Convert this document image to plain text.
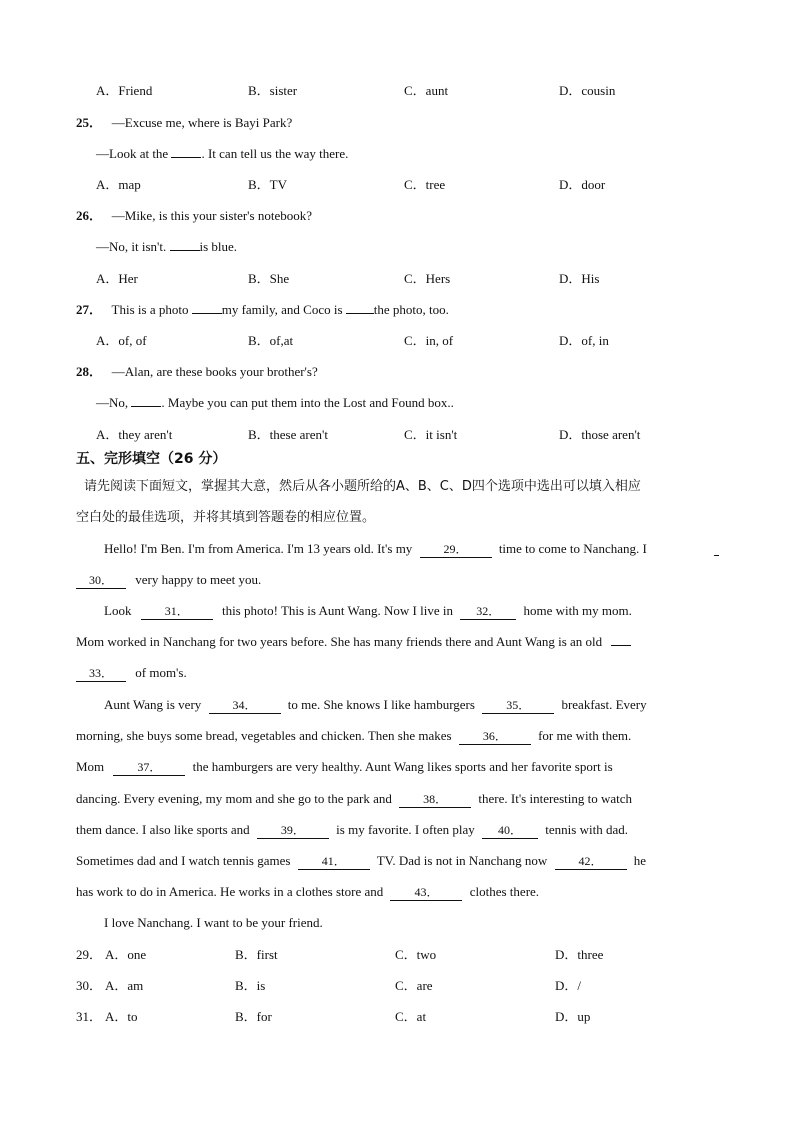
A．Friend	B．sister	C．aunt	D．cousin
25． —Excuse me, where is Bayi Park?
—Look at the	. It can tell us the way there.
A．map	B．TV	C．tree	D．door
26． —Mike, is this your sister's notebook?
—No, it isn't.	is blue.
A．Her	B．She	C．Hers	D．His
27． This is a photo	my family, and Coco is the photo, too.
A．of, of	B．of,at	C．in, of	D．of, in
28． —Alan, are these books your brother's?
—No,	. Maybe you can put them into the Lost and Found box..
A．they aren't	B．these aren't	C．it isn't	D．those aren't
五、完形填空（26 分）
请先阅读下面短文，掌握其大意，然后从各小题所给的A、B、C、D四个选项中选出可以填入相应
空白处的最佳选项，并将其填到答题卷的相应位置。
Hello! I'm Ben. I'm from America. I'm 13 years old. It's my	29． time to come to Nanchang. I
30． very happy to meet you.
Look	31．	this photo! This is Aunt Wang. Now I live in 32． home with my mom.
Mom worked in Nanchang for two years before. She has many friends there and Aunt Wang is an old
33． of mom's.
Aunt Wang is very	34． to me. She knows I like hamburgers	35． breakfast. Every
morning, she buys some bread, vegetables and chicken. Then she makes	36． for me with them.
Mom	37． the hamburgers are very healthy. Aunt Wang likes sports and her favorite sport is
dancing. Every evening, my mom and she go to the park and	38． there. It's interesting to watch
them dance. I also like sports and	39． is my favorite. I often play 40． tennis with dad.
Sometimes dad and I watch tennis games	41． TV. Dad is not in Nanchang now	42． he
has work to do in America. He works in a clothes store and	43． clothes there.
I love Nanchang. I want to be your friend.
29． A．one	B．first	C．two	D．three
30． A．am	B．is	C．are	D．/
31． A．to	B．for	C．at	D．up
